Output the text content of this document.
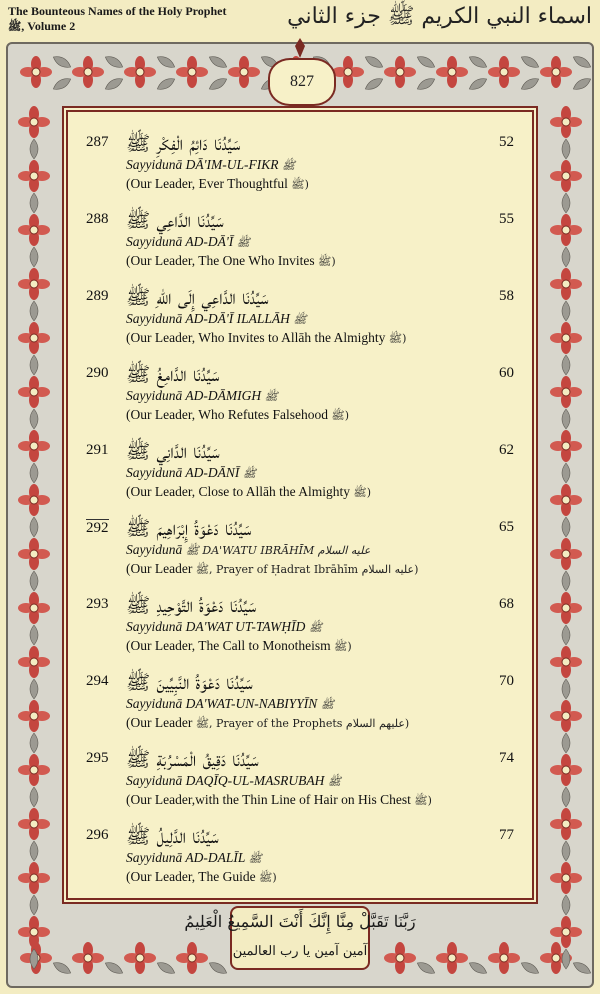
The Bounteous Names of the Holy Prophet
ﷺ, Volume 2	اسماء النبي الكريم ﷺ جزء الثاني
827
287 سَيِّدُنَا دَائِمُ الْفِكْرِ ﷺ	52
Sayyidunā DĀ'IM-UL-FIKR ﷺ
(Our Leader, Ever Thoughtful ﷺ)
288 سَيِّدُنَا الدَّاعِي ﷺ	55
Sayyidunā AD-DĀ'Ī ﷺ
(Our Leader, The One Who Invites ﷺ)
289 سَيِّدُنَا الدَّاعِي إِلَى اللهِ ﷺ	58
Sayyidunā AD-DĀ'Ī ILALLĀH ﷺ
(Our Leader, Who Invites to Allāh the Almighty ﷺ)
290 سَيِّدُنَا الدَّامِغُ ﷺ	60
Sayyidunā AD-DĀMIGH ﷺ
(Our Leader, Who Refutes Falsehood ﷺ)
291 سَيِّدُنَا الدَّانِي ﷺ	62
Sayyidunā AD-DĀNĪ ﷺ
(Our Leader, Close to Allāh the Almighty ﷺ)
292 سَيِّدُنَا دَعْوَةُ إِبْرَاهِيمَ ﷺ	65
Sayyidunā ﷺ DA'WATU IBRĀHĪM عليه السلام
(Our Leader ﷺ, Prayer of Ḥadrat Ibrāhīm عليه السلام)
293 سَيِّدُنَا دَعْوَةُ التَّوْحِيدِ ﷺ	68
Sayyidunā DA'WAT UT-TAWḤĪD ﷺ
(Our Leader, The Call to Monotheism ﷺ)
294 سَيِّدُنَا دَعْوَةُ النَّبِيِّينَ ﷺ	70
Sayyidunā DA'WAT-UN-NABIYYĪN ﷺ
(Our Leader ﷺ, Prayer of the Prophets عليهم السلام)
295 سَيِّدُنَا دَقِيقُ الْمَسْرُبَةِ ﷺ	74
Sayyidunā DAQĪQ-UL-MASRUBAH ﷺ
(Our Leader,with the Thin Line of Hair on His Chest ﷺ)
296 سَيِّدُنَا الدَّلِيلُ ﷺ	77
Sayyidunā AD-DALĪL ﷺ
(Our Leader, The Guide ﷺ)
رَبَّنَا تَقَبَّلْ مِنَّا إِنَّكَ أَنْتَ السَّمِيعُ الْعَلِيمُ
آمين آمين يا رب العالمين
